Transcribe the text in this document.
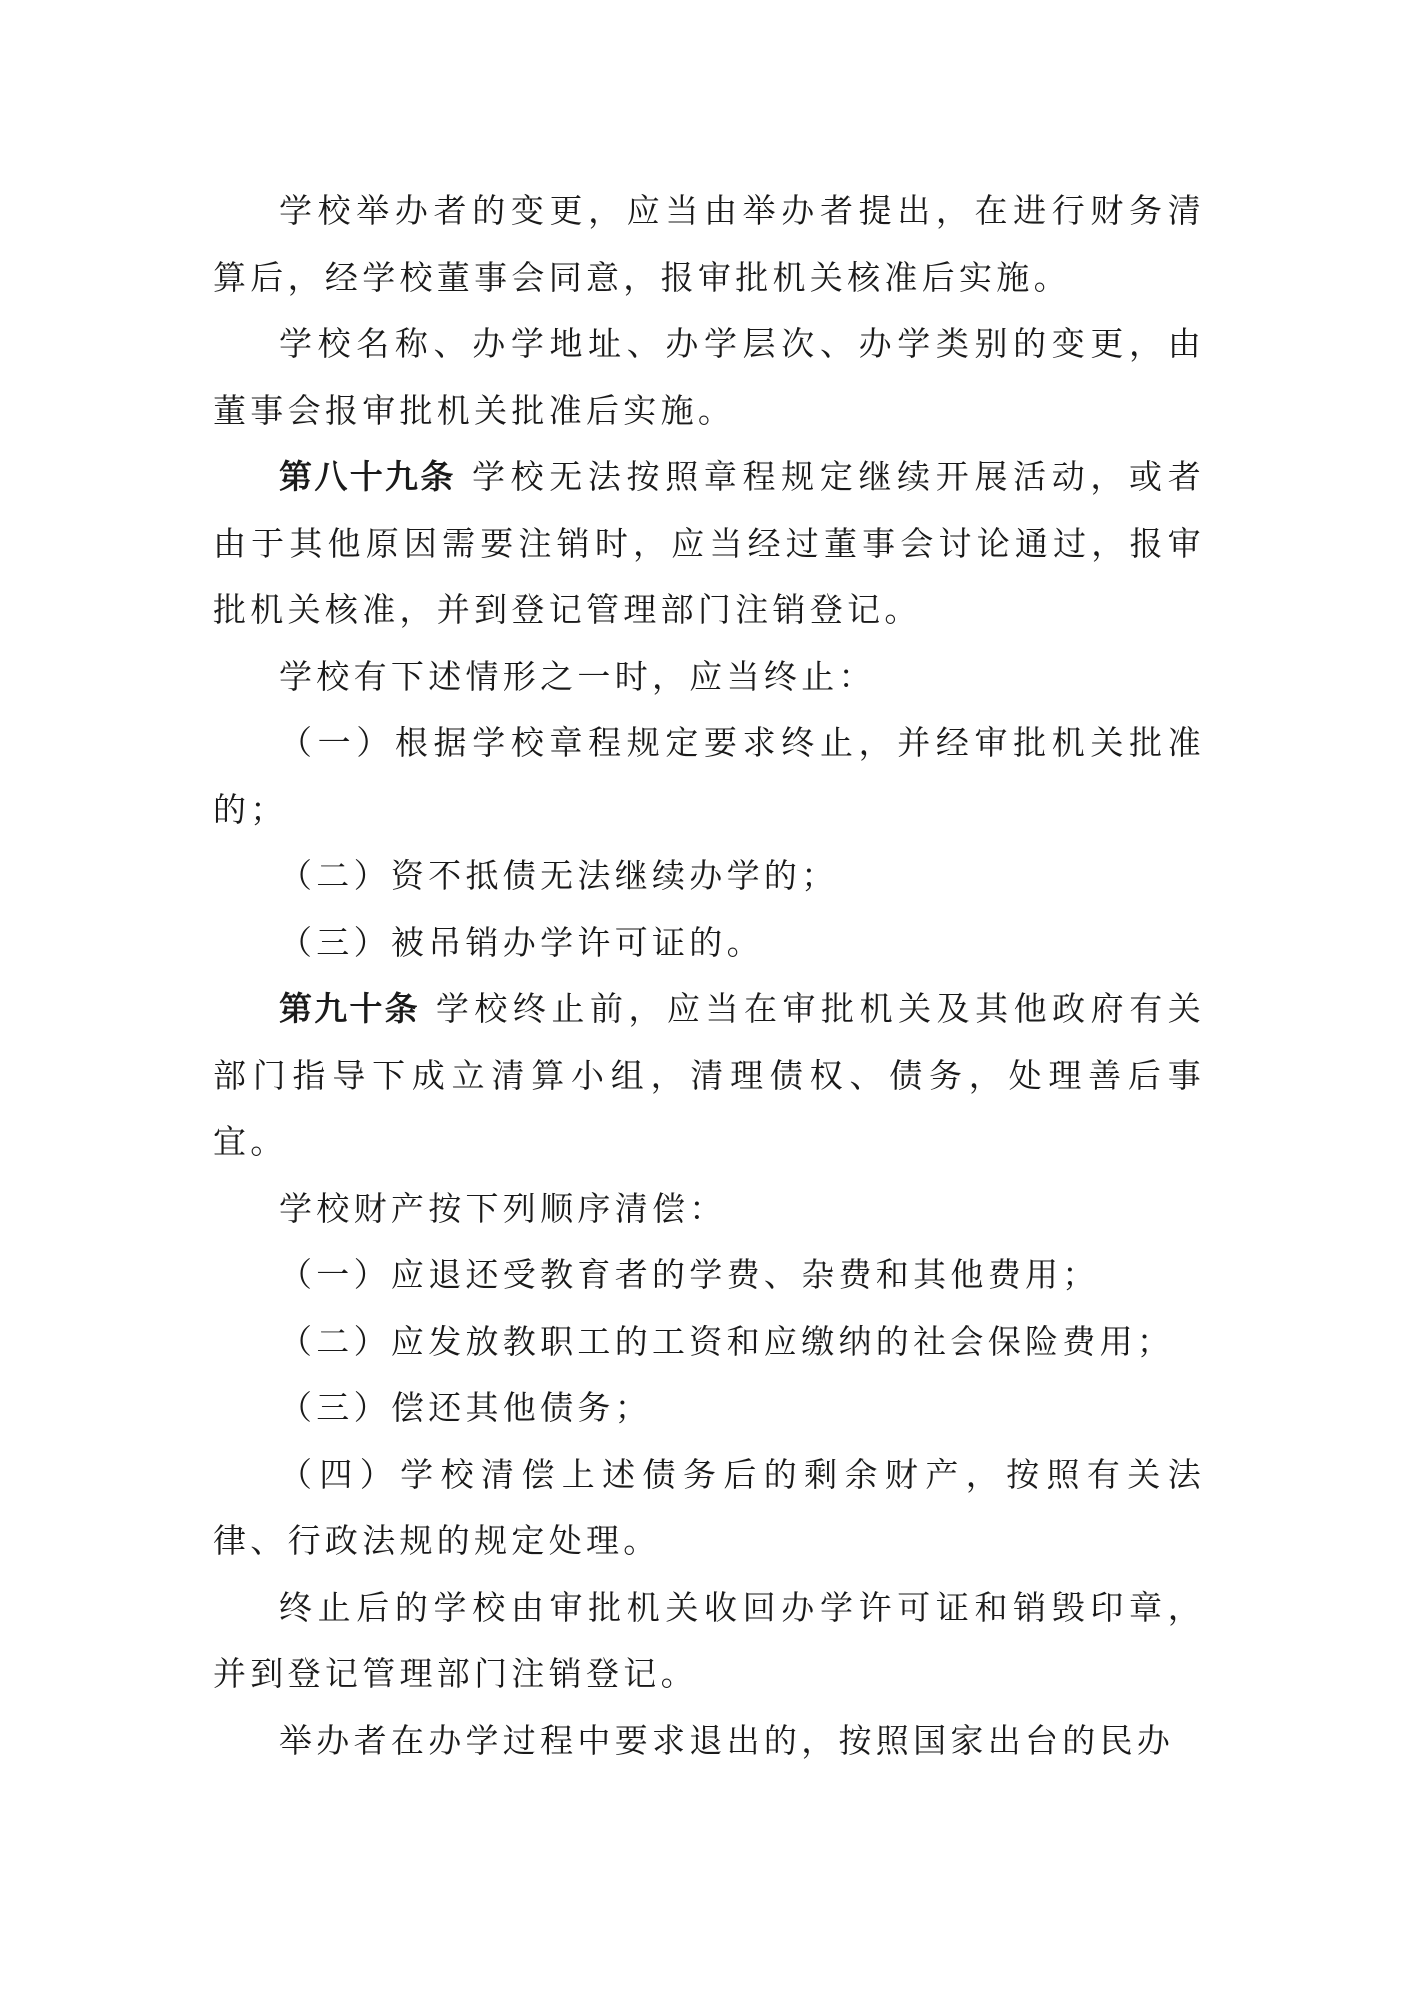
学校举办者的变更，应当由举办者提出，在进行财务清算后，经学校董事会同意，报审批机关核准后实施。

学校名称、办学地址、办学层次、办学类别的变更，由董事会报审批机关批准后实施。

第八十九条 学校无法按照章程规定继续开展活动，或者由于其他原因需要注销时，应当经过董事会讨论通过，报审批机关核准，并到登记管理部门注销登记。

学校有下述情形之一时，应当终止：

（一）根据学校章程规定要求终止，并经审批机关批准的；

（二）资不抵债无法继续办学的；

（三）被吊销办学许可证的。

第九十条 学校终止前，应当在审批机关及其他政府有关部门指导下成立清算小组，清理债权、债务，处理善后事宜。

学校财产按下列顺序清偿：

（一）应退还受教育者的学费、杂费和其他费用；

（二）应发放教职工的工资和应缴纳的社会保险费用；

（三）偿还其他债务；

（四）学校清偿上述债务后的剩余财产，按照有关法律、行政法规的规定处理。

终止后的学校由审批机关收回办学许可证和销毁印章，并到登记管理部门注销登记。

举办者在办学过程中要求退出的，按照国家出台的民办
